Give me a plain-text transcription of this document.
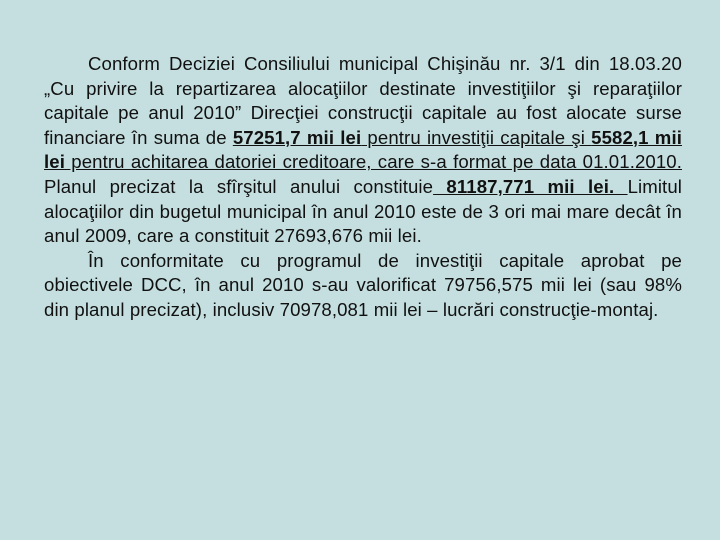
Conform Deciziei Consiliului municipal Chişinău nr. 3/1 din 18.03.20 „Cu privire la repartizarea alocaţiilor destinate investiţiilor şi reparaţiilor capitale pe anul 2010” Direcţiei construcţii capitale au fost alocate surse financiare în suma de 57251,7 mii lei pentru investiţii capitale şi 5582,1 mii lei pentru achitarea datoriei creditoare, care s-a format pe data 01.01.2010. Planul precizat la sfîrşitul anului constituie 81187,771 mii lei. Limitul alocaţiilor din bugetul municipal în anul 2010 este de 3 ori mai mare decât în anul 2009, care a constituit 27693,676 mii lei.

În conformitate cu programul de investiţii capitale aprobat pe obiectivele DCC, în anul 2010 s-au valorificat 79756,575 mii lei (sau 98% din planul precizat), inclusiv 70978,081 mii lei – lucrări construcţie-montaj.
